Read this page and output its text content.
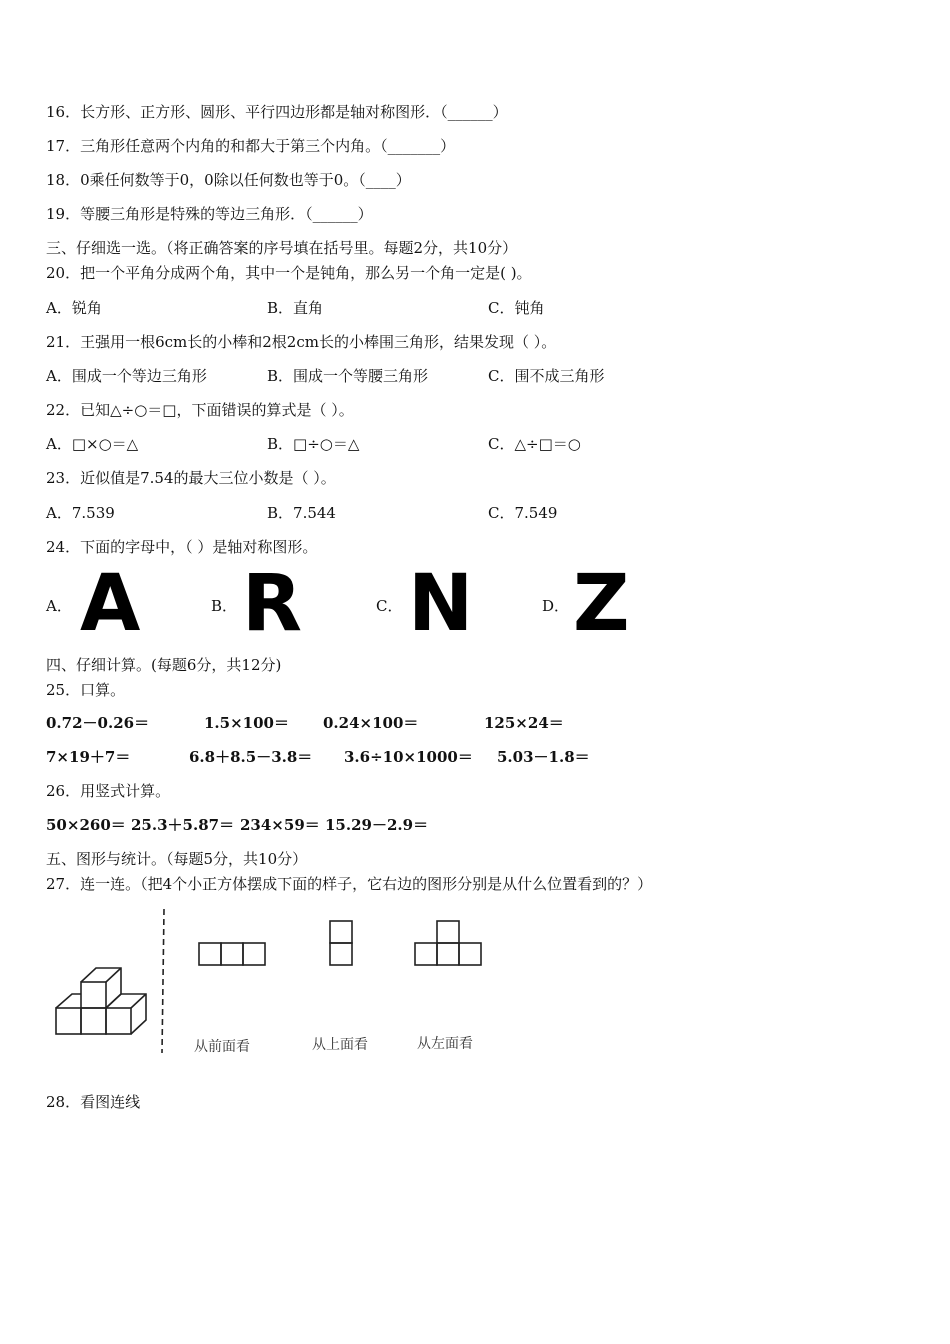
16．长方形、正方形、圆形、平行四边形都是轴对称图形．（______）
17．三角形任意两个内角的和都大于第三个内角。（_______）
18．0乘任何数等于0，0除以任何数也等于0。（____）
19．等腰三角形是特殊的等边三角形．（______）
三、仔细选一选。（将正确答案的序号填在括号里。每题2分，共10分）
20．把一个平角分成两个角，其中一个是钝角，那么另一个角一定是( )。
A．锐角	B．直角	C．钝角
21．王强用一根6cm长的小棒和2根2cm长的小棒围三角形，结果发现（ ）。
A．围成一个等边三角形	B．围成一个等腰三角形	C．围不成三角形
22．已知△÷○＝□，下面错误的算式是（ ）。
A．□×○＝△	B．□÷○＝△	C．△÷□＝○
23．近似值是7.54的最大三位小数是（ ）。
A．7.539	B．7.544	C．7.549
24．下面的字母中，（ ）是轴对称图形。
A． A	B． R	C． N	D． Z
四、仔细计算。(每题6分，共12分)
25．口算。
0.72－0.26＝	1.5×100＝ 0.24×100＝	125×24＝
7×19＋7＝	6.8＋8.5－3.8＝ 3.6÷10×1000＝ 5.03－1.8＝
26．用竖式计算。
50×260＝ 25.3＋5.87＝ 234×59＝ 15.29－2.9＝
五、图形与统计。（每题5分，共10分）
27．连一连。（把4个小正方体摆成下面的样子，它右边的图形分别是从什么位置看到的？）
从前面看	从上面看	从左面看
28．看图连线
